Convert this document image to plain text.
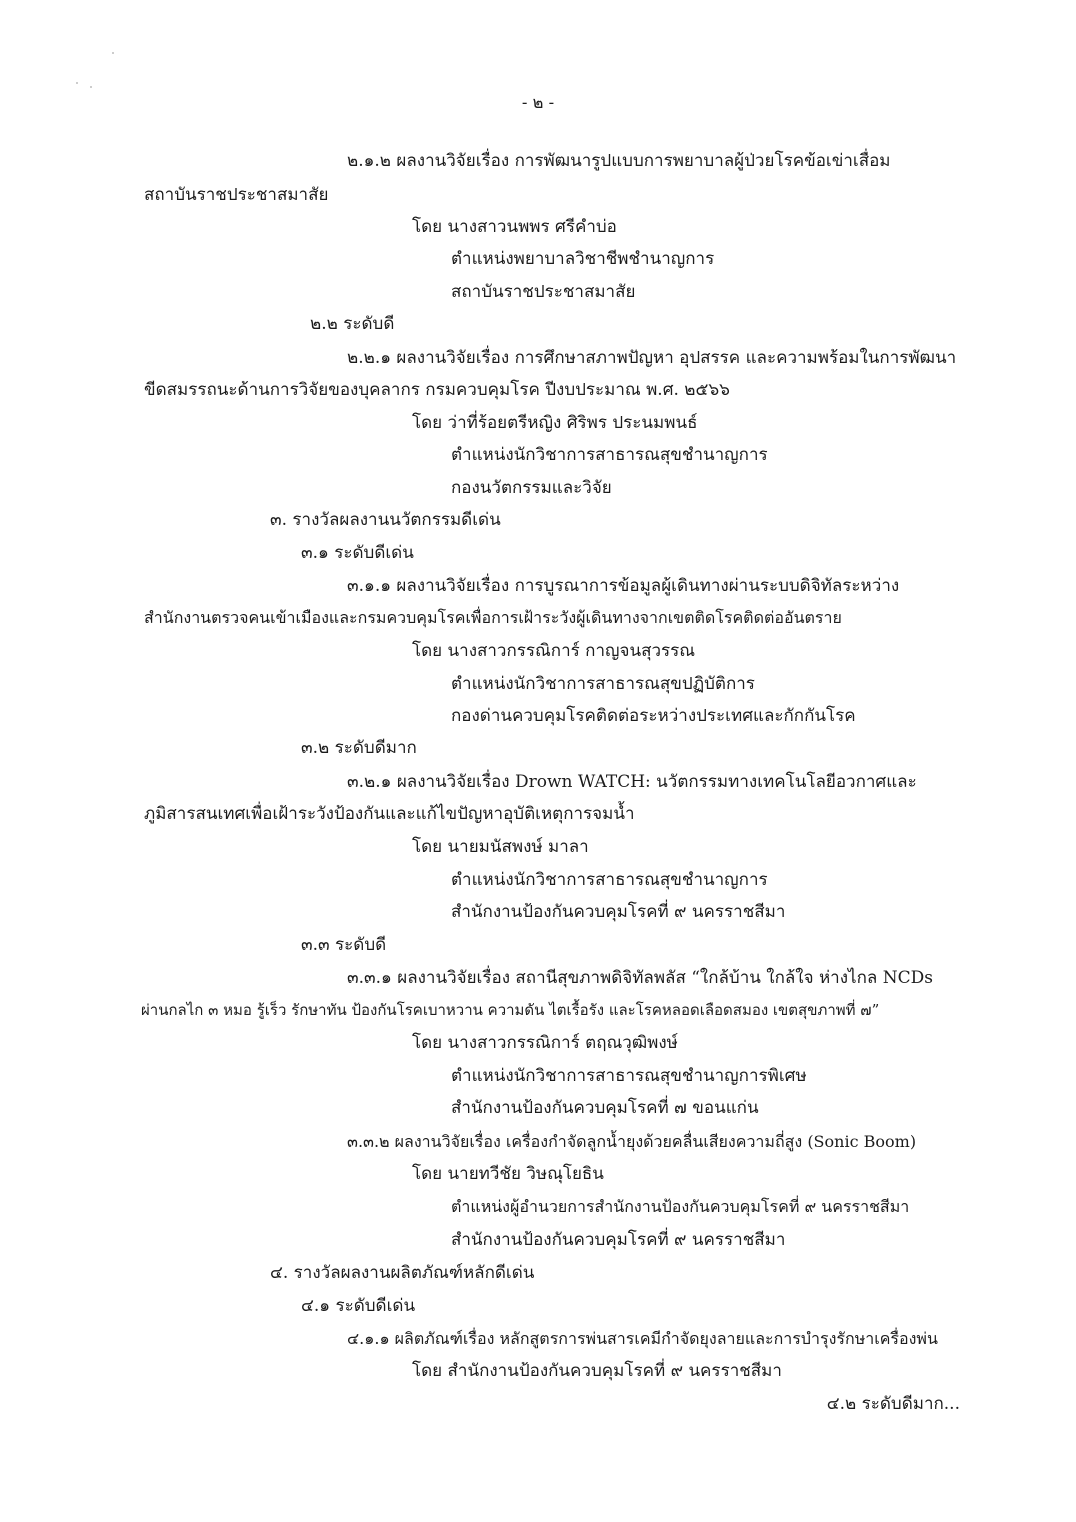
- ๒ -

๒.๑.๒ ผลงานวิจัยเรื่อง การพัฒนารูปแบบการพยาบาลผู้ป่วยโรคข้อเข่าเสื่อม

สถาบันราชประชาสมาสัย

โดย นางสาวนพพร ศรีคำบ่อ

ตำแหน่งพยาบาลวิชาชีพชำนาญการ

สถาบันราชประชาสมาสัย

๒.๒ ระดับดี

๒.๒.๑ ผลงานวิจัยเรื่อง การศึกษาสภาพปัญหา อุปสรรค และความพร้อมในการพัฒนา

ขีดสมรรถนะด้านการวิจัยของบุคลากร กรมควบคุมโรค ปีงบประมาณ พ.ศ. ๒๕๖๖

โดย ว่าที่ร้อยตรีหญิง ศิริพร ประนมพนธ์

ตำแหน่งนักวิชาการสาธารณสุขชำนาญการ

กองนวัตกรรมและวิจัย

๓. รางวัลผลงานนวัตกรรมดีเด่น

๓.๑ ระดับดีเด่น

๓.๑.๑ ผลงานวิจัยเรื่อง การบูรณาการข้อมูลผู้เดินทางผ่านระบบดิจิทัลระหว่าง

สำนักงานตรวจคนเข้าเมืองและกรมควบคุมโรคเพื่อการเฝ้าระวังผู้เดินทางจากเขตติดโรคติดต่ออันตราย

โดย นางสาวกรรณิการ์ กาญจนสุวรรณ

ตำแหน่งนักวิชาการสาธารณสุขปฏิบัติการ

กองด่านควบคุมโรคติดต่อระหว่างประเทศและกักกันโรค

๓.๒ ระดับดีมาก

๓.๒.๑ ผลงานวิจัยเรื่อง Drown WATCH: นวัตกรรมทางเทคโนโลยีอวกาศและ

ภูมิสารสนเทศเพื่อเฝ้าระวังป้องกันและแก้ไขปัญหาอุบัติเหตุการจมน้ำ

โดย นายมนัสพงษ์ มาลา

ตำแหน่งนักวิชาการสาธารณสุขชำนาญการ

สำนักงานป้องกันควบคุมโรคที่ ๙ นครราชสีมา

๓.๓ ระดับดี

๓.๓.๑ ผลงานวิจัยเรื่อง สถานีสุขภาพดิจิทัลพลัส “ใกล้บ้าน ใกล้ใจ ห่างไกล NCDs

ผ่านกลไก ๓ หมอ รู้เร็ว รักษาทัน ป้องกันโรคเบาหวาน ความดัน ไตเรื้อรัง และโรคหลอดเลือดสมอง เขตสุขภาพที่ ๗”

โดย นางสาวกรรณิการ์ ตฤณวุฒิพงษ์

ตำแหน่งนักวิชาการสาธารณสุขชำนาญการพิเศษ

สำนักงานป้องกันควบคุมโรคที่ ๗ ขอนแก่น

๓.๓.๒ ผลงานวิจัยเรื่อง เครื่องกำจัดลูกน้ำยุงด้วยคลื่นเสียงความถี่สูง (Sonic Boom)

โดย นายทวีชัย วิษณุโยธิน

ตำแหน่งผู้อำนวยการสำนักงานป้องกันควบคุมโรคที่ ๙ นครราชสีมา

สำนักงานป้องกันควบคุมโรคที่ ๙ นครราชสีมา

๔. รางวัลผลงานผลิตภัณฑ์หลักดีเด่น

๔.๑ ระดับดีเด่น

๔.๑.๑ ผลิตภัณฑ์เรื่อง หลักสูตรการพ่นสารเคมีกำจัดยุงลายและการบำรุงรักษาเครื่องพ่น

โดย สำนักงานป้องกันควบคุมโรคที่ ๙ นครราชสีมา

๔.๒ ระดับดีมาก...
